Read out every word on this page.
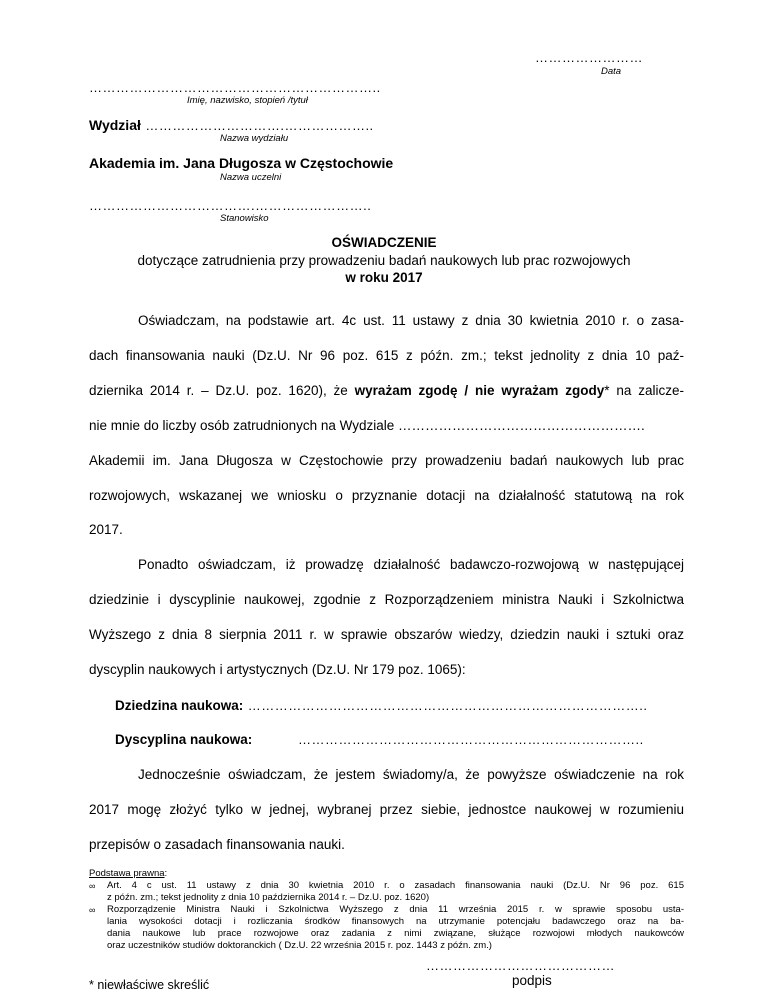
……………………
Data
………………………………………………………..
Imię, nazwisko, stopień /tytuł
Wydział ………………………….………………..
Nazwa wydziału
Akademia im. Jana Długosza w Częstochowie
Nazwa uczelni
……………………………….……………………..
Stanowisko
OŚWIADCZENIE
dotyczące zatrudnienia przy prowadzeniu badań naukowych lub prac rozwojowych
w roku 2017
Oświadczam, na podstawie art. 4c ust. 11 ustawy z dnia 30 kwietnia 2010 r. o zasa-
dach finansowania nauki (Dz.U. Nr 96 poz. 615 z późn. zm.; tekst jednolity z dnia 10 paź-
dziernika 2014 r. – Dz.U. poz. 1620), że wyrażam zgodę / nie wyrażam zgody* na zalicze-
nie mnie do liczby osób zatrudnionych na Wydziale ……………………………………………….
Akademii im. Jana Długosza w Częstochowie przy prowadzeniu badań naukowych lub prac
rozwojowych, wskazanej we wniosku o przyznanie dotacji na działalność statutową na rok
2017.
Ponadto oświadczam, iż prowadzę działalność badawczo-rozwojową w następującej
dziedzinie i dyscyplinie naukowej, zgodnie z Rozporządzeniem ministra Nauki i Szkolnictwa
Wyższego z dnia 8 sierpnia 2011 r. w sprawie obszarów wiedzy, dziedzin nauki i sztuki oraz
dyscyplin naukowych i artystycznych (Dz.U. Nr 179 poz. 1065):
Dziedzina naukowa: ……………………………………………………………………………..
Dyscyplina naukowa:	…………………………………………………………………..
Jednocześnie oświadczam, że jestem świadomy/a, że powyższe oświadczenie na rok
2017 mogę złożyć tylko w jednej, wybranej przez siebie, jednostce naukowej w rozumieniu
przepisów o zasadach finansowania nauki.
Podstawa prawna:
∞ Art. 4 c ust. 11 ustawy z dnia 30 kwietnia 2010 r. o zasadach finansowania nauki (Dz.U. Nr 96 poz. 615
z późn. zm.; tekst jednolity z dnia 10 października 2014 r. – Dz.U. poz. 1620)
∞ Rozporządzenie Ministra Nauki i Szkolnictwa Wyższego z dnia 11 września 2015 r. w sprawie sposobu usta-
lania wysokości dotacji i rozliczania środków finansowych na utrzymanie potencjału badawczego oraz na ba-
dania naukowe lub prace rozwojowe oraz zadania z nimi związane, służące rozwojowi młodych naukowców
oraz uczestników studiów doktoranckich ( Dz.U. 22 września 2015 r. poz. 1443 z późn. zm.)
……………………………………
podpis
* niewłaściwe skreślić
